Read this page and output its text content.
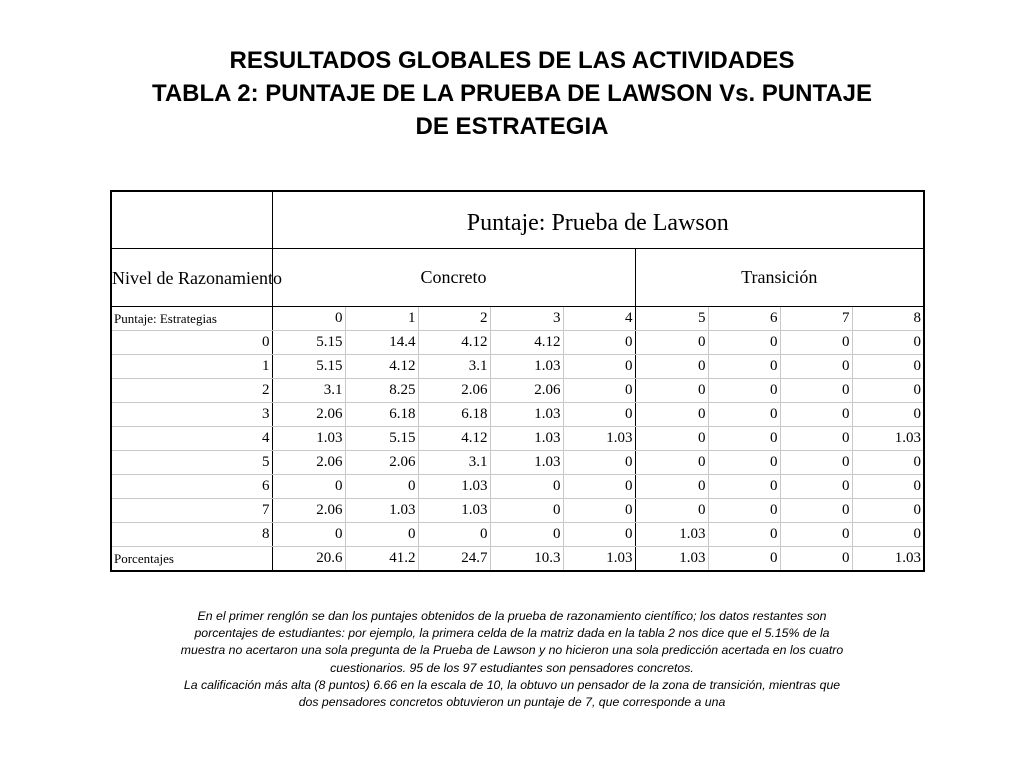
RESULTADOS GLOBALES DE LAS ACTIVIDADES
TABLA 2: PUNTAJE DE LA PRUEBA DE LAWSON Vs. PUNTAJE
DE ESTRATEGIA
	Puntaje: Prueba de Lawson								
Nivel de Razonamiento	Concreto					Transición			
Puntaje: Estrategias	0	1	2	3	4	5	6	7	8
0	5.15	14.4	4.12	4.12	0	0	0	0	0
1	5.15	4.12	3.1	1.03	0	0	0	0	0
2	3.1	8.25	2.06	2.06	0	0	0	0	0
3	2.06	6.18	6.18	1.03	0	0	0	0	0
4	1.03	5.15	4.12	1.03	1.03	0	0	0	1.03
5	2.06	2.06	3.1	1.03	0	0	0	0	0
6	0	0	1.03	0	0	0	0	0	0
7	2.06	1.03	1.03	0	0	0	0	0	0
8	0	0	0	0	0	1.03	0	0	0
Porcentajes	20.6	41.2	24.7	10.3	1.03	1.03	0	0	1.03

En el primer renglón se dan los puntajes obtenidos de la prueba de razonamiento científico; los datos restantes son
porcentajes de estudiantes: por ejemplo, la primera celda de la matriz dada en la tabla 2 nos dice que el 5.15% de la
muestra no acertaron una sola pregunta de la Prueba de Lawson y no hicieron una sola predicción acertada en los cuatro
cuestionarios. 95 de los 97 estudiantes son pensadores concretos.
La calificación más alta (8 puntos) 6.66 en la escala de 10, la obtuvo un pensador de la zona de transición, mientras que
dos pensadores concretos obtuvieron un puntaje de 7, que corresponde a una
